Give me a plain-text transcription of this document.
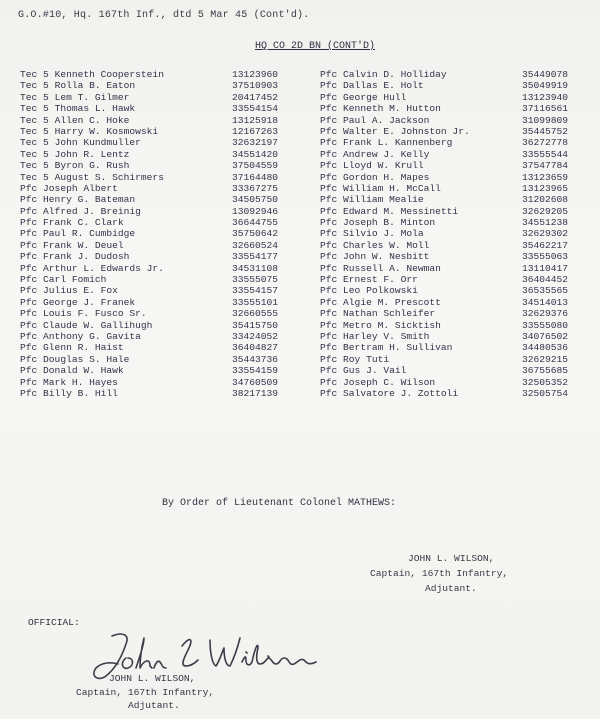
G.O.#10, Hq. 167th Inf., dtd 5 Mar 45 (Cont'd).
HQ CO 2D BN (CONT'D)
Tec 5 Kenneth Cooperstein	13123960
Tec 5 Rolla B. Eaton	37510903
Tec 5 Lem T. Gilmer	20417452
Tec 5 Thomas L. Hawk	33554154
Tec 5 Allen C. Hoke	13125918
Tec 5 Harry W. Kosmowski	12167263
Tec 5 John Kundmuller	32632197
Tec 5 John R. Lentz	34551420
Tec 5 Byron G. Rush	37504559
Tec 5 August S. Schirmers	37164480
Pfc Joseph Albert	33367275
Pfc Henry G. Bateman	34505750
Pfc Alfred J. Breinig	13092946
Pfc Frank C. Clark	36644755
Pfc Paul R. Cumbidge	35750642
Pfc Frank W. Deuel	32660524
Pfc Frank J. Dudosh	33554177
Pfc Arthur L. Edwards Jr.	34531108
Pfc Carl Fomich	33555075
Pfc Julius E. Fox	33554157
Pfc George J. Franek	33555101
Pfc Louis F. Fusco Sr.	32660555
Pfc Claude W. Gallihugh	35415750
Pfc Anthony G. Gavita	33424052
Pfc Glenn R. Haist	36404827
Pfc Douglas S. Hale	35443736
Pfc Donald W. Hawk	33554159
Pfc Mark H. Hayes	34760509
Pfc Billy B. Hill	38217139
Pfc Calvin D. Holliday	35449078
Pfc Dallas E. Holt	35049919
Pfc George Hull	13123940
Pfc Kenneth M. Hutton	37116561
Pfc Paul A. Jackson	31099809
Pfc Walter E. Johnston Jr.	35445752
Pfc Frank L. Kannenberg	36272778
Pfc Andrew J. Kelly	33555544
Pfc Lloyd W. Krull	37547784
Pfc Gordon H. Mapes	13123659
Pfc William H. McCall	13123965
Pfc William Mealie	31202608
Pfc Edward M. Messinetti	32629205
Pfc Joseph B. Minton	34551238
Pfc Silvio J. Mola	32629302
Pfc Charles W. Moll	35462217
Pfc John W. Nesbitt	33555063
Pfc Russell A. Newman	13110417
Pfc Ernest F. Orr	36404452
Pfc Leo Polkowski	36535565
Pfc Algie M. Prescott	34514013
Pfc Nathan Schleifer	32629376
Pfc Metro M. Sicktish	33555080
Pfc Harley V. Smith	34076502
Pfc Bertram H. Sullivan	34480536
Pfc Roy Tuti	32629215
Pfc Gus J. Vail	36755685
Pfc Joseph C. Wilson	32505352
Pfc Salvatore J. Zottoli	32505754
By Order of Lieutenant Colonel MATHEWS:
JOHN L. WILSON,
Captain, 167th Infantry,
Adjutant.
OFFICIAL:
JOHN L. WILSON,
Captain, 167th Infantry,
Adjutant.
